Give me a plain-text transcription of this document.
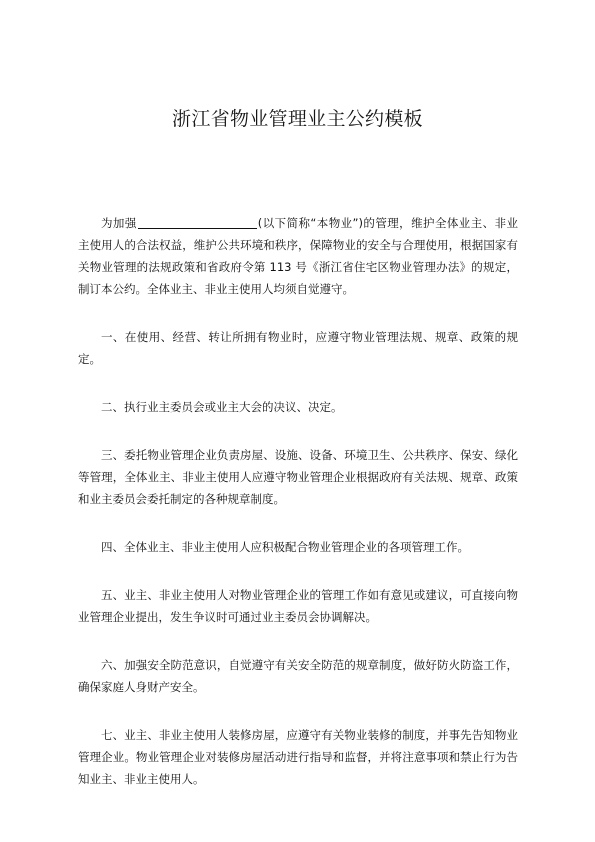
浙江省物业管理业主公约模板

为加强	(以下简称“本物业”)的管理，维护全体业主、非业主使用人的合法权益，维护公共环境和秩序，保障物业的安全与合理使用，根据国家有关物业管理的法规政策和省政府令第 113 号《浙江省住宅区物业管理办法》的规定，制订本公约。全体业主、非业主使用人均须自觉遵守。

一、在使用、经营、转让所拥有物业时，应遵守物业管理法规、规章、政策的规定。

二、执行业主委员会或业主大会的决议、决定。

三、委托物业管理企业负责房屋、设施、设备、环境卫生、公共秩序、保安、绿化等管理，全体业主、非业主使用人应遵守物业管理企业根据政府有关法规、规章、政策和业主委员会委托制定的各种规章制度。

四、全体业主、非业主使用人应积极配合物业管理企业的各项管理工作。

五、业主、非业主使用人对物业管理企业的管理工作如有意见或建议，可直接向物业管理企业提出，发生争议时可通过业主委员会协调解决。

六、加强安全防范意识，自觉遵守有关安全防范的规章制度，做好防火防盗工作，确保家庭人身财产安全。

七、业主、非业主使用人装修房屋，应遵守有关物业装修的制度，并事先告知物业管理企业。物业管理企业对装修房屋活动进行指导和监督，并将注意事项和禁止行为告知业主、非业主使用人。
